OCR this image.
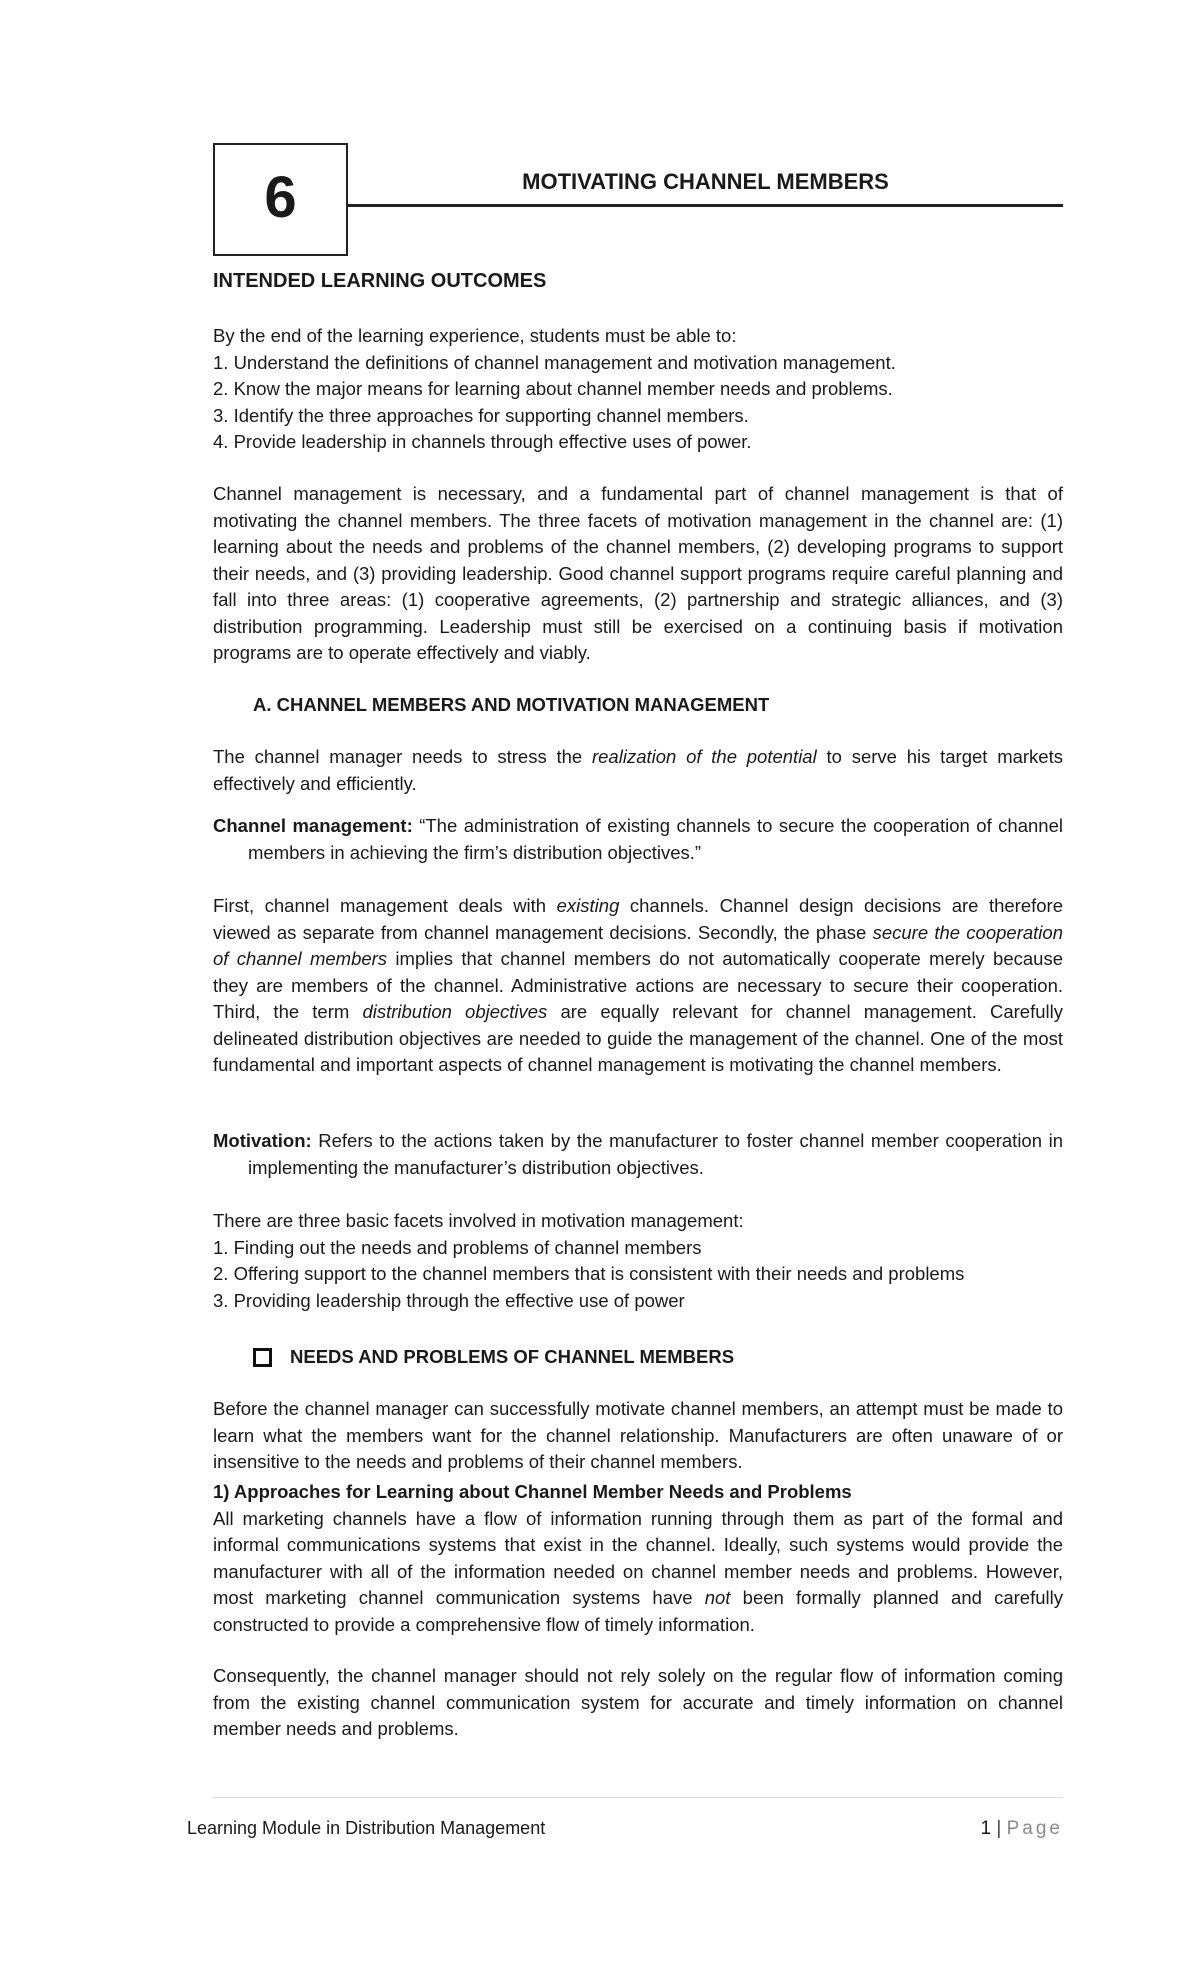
6	MOTIVATING CHANNEL MEMBERS
INTENDED LEARNING OUTCOMES
By the end of the learning experience, students must be able to:
1. Understand the definitions of channel management and motivation management.
2. Know the major means for learning about channel member needs and problems.
3. Identify the three approaches for supporting channel members.
4. Provide leadership in channels through effective uses of power.

Channel management is necessary, and a fundamental part of channel management is that of motivating the channel members. The three facets of motivation management in the channel are: (1) learning about the needs and problems of the channel members, (2) developing programs to support their needs, and (3) providing leadership. Good channel support programs require careful planning and fall into three areas: (1) cooperative agreements, (2) partnership and strategic alliances, and (3) distribution programming. Leadership must still be exercised on a continuing basis if motivation programs are to operate effectively and viably.

A. CHANNEL MEMBERS AND MOTIVATION MANAGEMENT

The channel manager needs to stress the realization of the potential to serve his target markets effectively and efficiently.

Channel management: “The administration of existing channels to secure the cooperation of channel members in achieving the firm’s distribution objectives.”

First, channel management deals with existing channels. Channel design decisions are therefore viewed as separate from channel management decisions. Secondly, the phase secure the cooperation of channel members implies that channel members do not automatically cooperate merely because they are members of the channel. Administrative actions are necessary to secure their cooperation. Third, the term distribution objectives are equally relevant for channel management. Carefully delineated distribution objectives are needed to guide the management of the channel. One of the most fundamental and important aspects of channel management is motivating the channel members.

Motivation: Refers to the actions taken by the manufacturer to foster channel member cooperation in implementing the manufacturer’s distribution objectives.
There are three basic facets involved in motivation management:
1. Finding out the needs and problems of channel members
2. Offering support to the channel members that is consistent with their needs and problems
3. Providing leadership through the effective use of power
NEEDS AND PROBLEMS OF CHANNEL MEMBERS

Before the channel manager can successfully motivate channel members, an attempt must be made to learn what the members want for the channel relationship. Manufacturers are often unaware of or insensitive to the needs and problems of their channel members.

1) Approaches for Learning about Channel Member Needs and Problems

All marketing channels have a flow of information running through them as part of the formal and informal communications systems that exist in the channel. Ideally, such systems would provide the manufacturer with all of the information needed on channel member needs and problems. However, most marketing channel communication systems have not been formally planned and carefully constructed to provide a comprehensive flow of timely information.

Consequently, the channel manager should not rely solely on the regular flow of information coming from the existing channel communication system for accurate and timely information on channel member needs and problems.

Learning Module in Distribution Management	1 | Page
